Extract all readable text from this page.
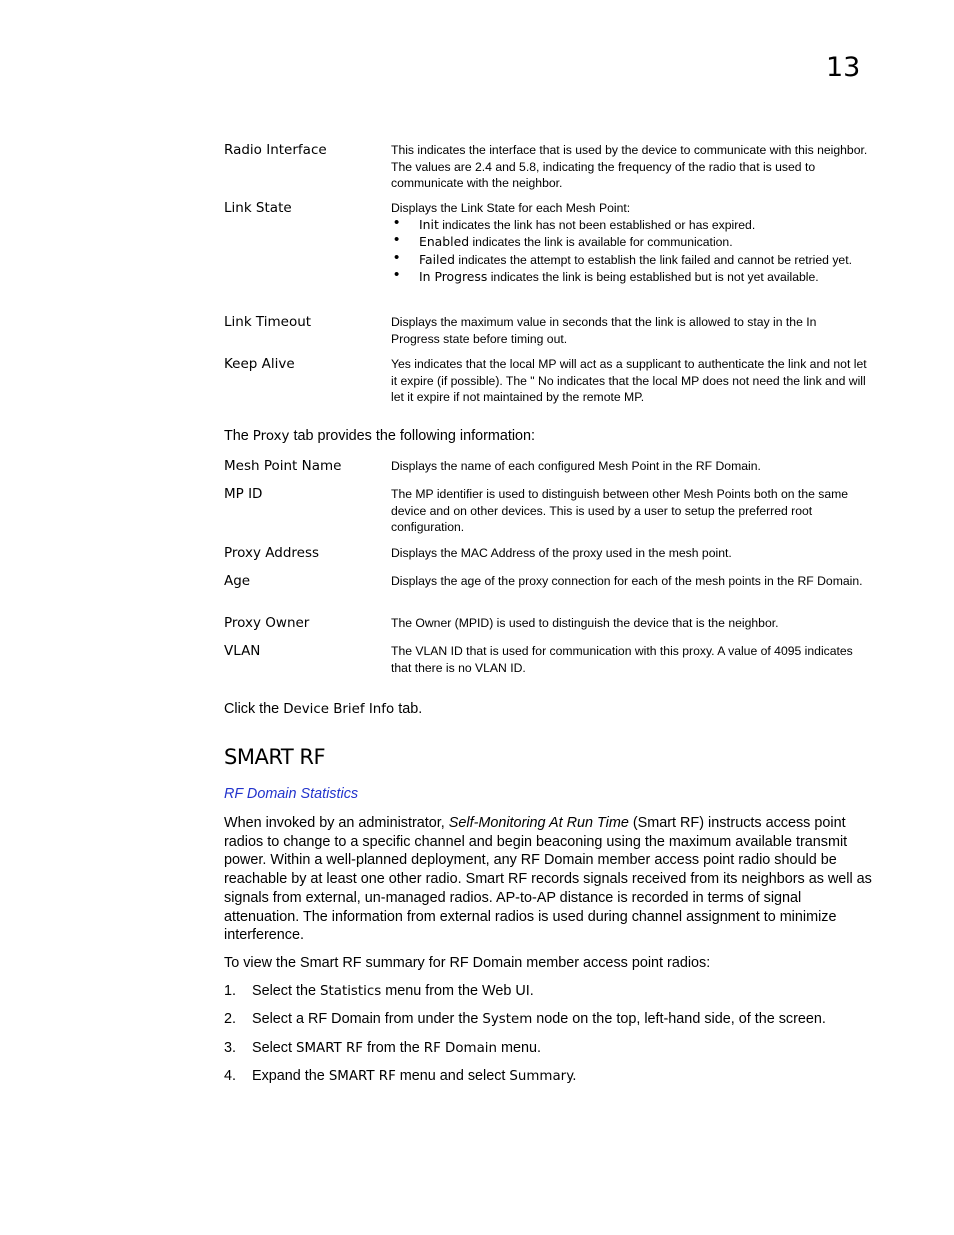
13
Radio Interface	This indicates the interface that is used by the device to communicate with this neighbor. The values are 2.4 and 5.8, indicating the frequency of the radio that is used to communicate with the neighbor.
Link State	Displays the Link State for each Mesh Point:
• Init indicates the link has not been established or has expired.
• Enabled indicates the link is available for communication.
• Failed indicates the attempt to establish the link failed and cannot be retried yet.
• In Progress indicates the link is being established but is not yet available.
Link Timeout	Displays the maximum value in seconds that the link is allowed to stay in the In Progress state before timing out.
Keep Alive	Yes indicates that the local MP will act as a supplicant to authenticate the link and not let it expire (if possible). The " No indicates that the local MP does not need the link and will let it expire if not maintained by the remote MP.
The Proxy tab provides the following information:
Mesh Point Name	Displays the name of each configured Mesh Point in the RF Domain.
MP ID	The MP identifier is used to distinguish between other Mesh Points both on the same device and on other devices. This is used by a user to setup the preferred root configuration.
Proxy Address	Displays the MAC Address of the proxy used in the mesh point.
Age	Displays the age of the proxy connection for each of the mesh points in the RF Domain.
Proxy Owner	The Owner (MPID) is used to distinguish the device that is the neighbor.
VLAN	The VLAN ID that is used for communication with this proxy. A value of 4095 indicates that there is no VLAN ID.
Click the Device Brief Info tab.
SMART RF
RF Domain Statistics
When invoked by an administrator, Self-Monitoring At Run Time (Smart RF) instructs access point radios to change to a specific channel and begin beaconing using the maximum available transmit power. Within a well-planned deployment, any RF Domain member access point radio should be reachable by at least one other radio. Smart RF records signals received from its neighbors as well as signals from external, un-managed radios. AP-to-AP distance is recorded in terms of signal attenuation. The information from external radios is used during channel assignment to minimize interference.
To view the Smart RF summary for RF Domain member access point radios:
1. Select the Statistics menu from the Web UI.
2. Select a RF Domain from under the System node on the top, left-hand side, of the screen.
3. Select SMART RF from the RF Domain menu.
4. Expand the SMART RF menu and select Summary.
